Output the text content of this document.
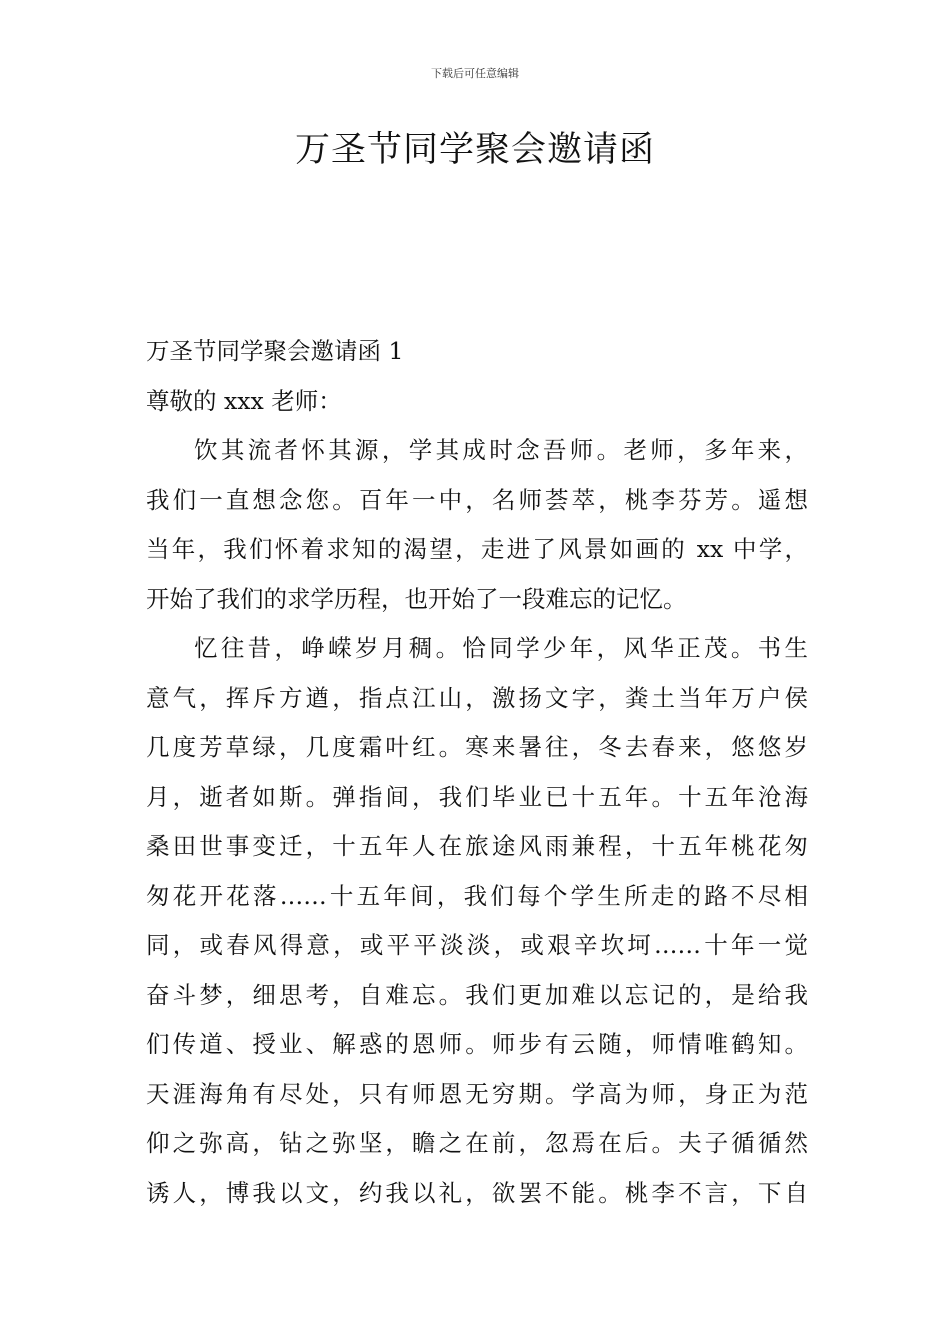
下载后可任意编辑
万圣节同学聚会邀请函

万圣节同学聚会邀请函 1

尊敬的 xxx 老师：

饮其流者怀其源，学其成时念吾师。老师，多年来，
我们一直想念您。百年一中，名师荟萃，桃李芬芳。遥想
当年，我们怀着求知的渴望，走进了风景如画的 xx 中学，
开始了我们的求学历程，也开始了一段难忘的记忆。

忆往昔，峥嵘岁月稠。恰同学少年，风华正茂。书生
意气，挥斥方遒，指点江山，激扬文字，粪土当年万户侯
几度芳草绿，几度霜叶红。寒来暑往，冬去春来，悠悠岁
月，逝者如斯。弹指间，我们毕业已十五年。十五年沧海
桑田世事变迁，十五年人在旅途风雨兼程，十五年桃花匆
匆花开花落……十五年间，我们每个学生所走的路不尽相
同，或春风得意，或平平淡淡，或艰辛坎坷……十年一觉
奋斗梦，细思考，自难忘。我们更加难以忘记的，是给我
们传道、授业、解惑的恩师。师步有云随，师情唯鹤知。
天涯海角有尽处，只有师恩无穷期。学高为师，身正为范
仰之弥高，钻之弥坚，瞻之在前，忽焉在后。夫子循循然
诱人，博我以文，约我以礼，欲罢不能。桃李不言，下自
